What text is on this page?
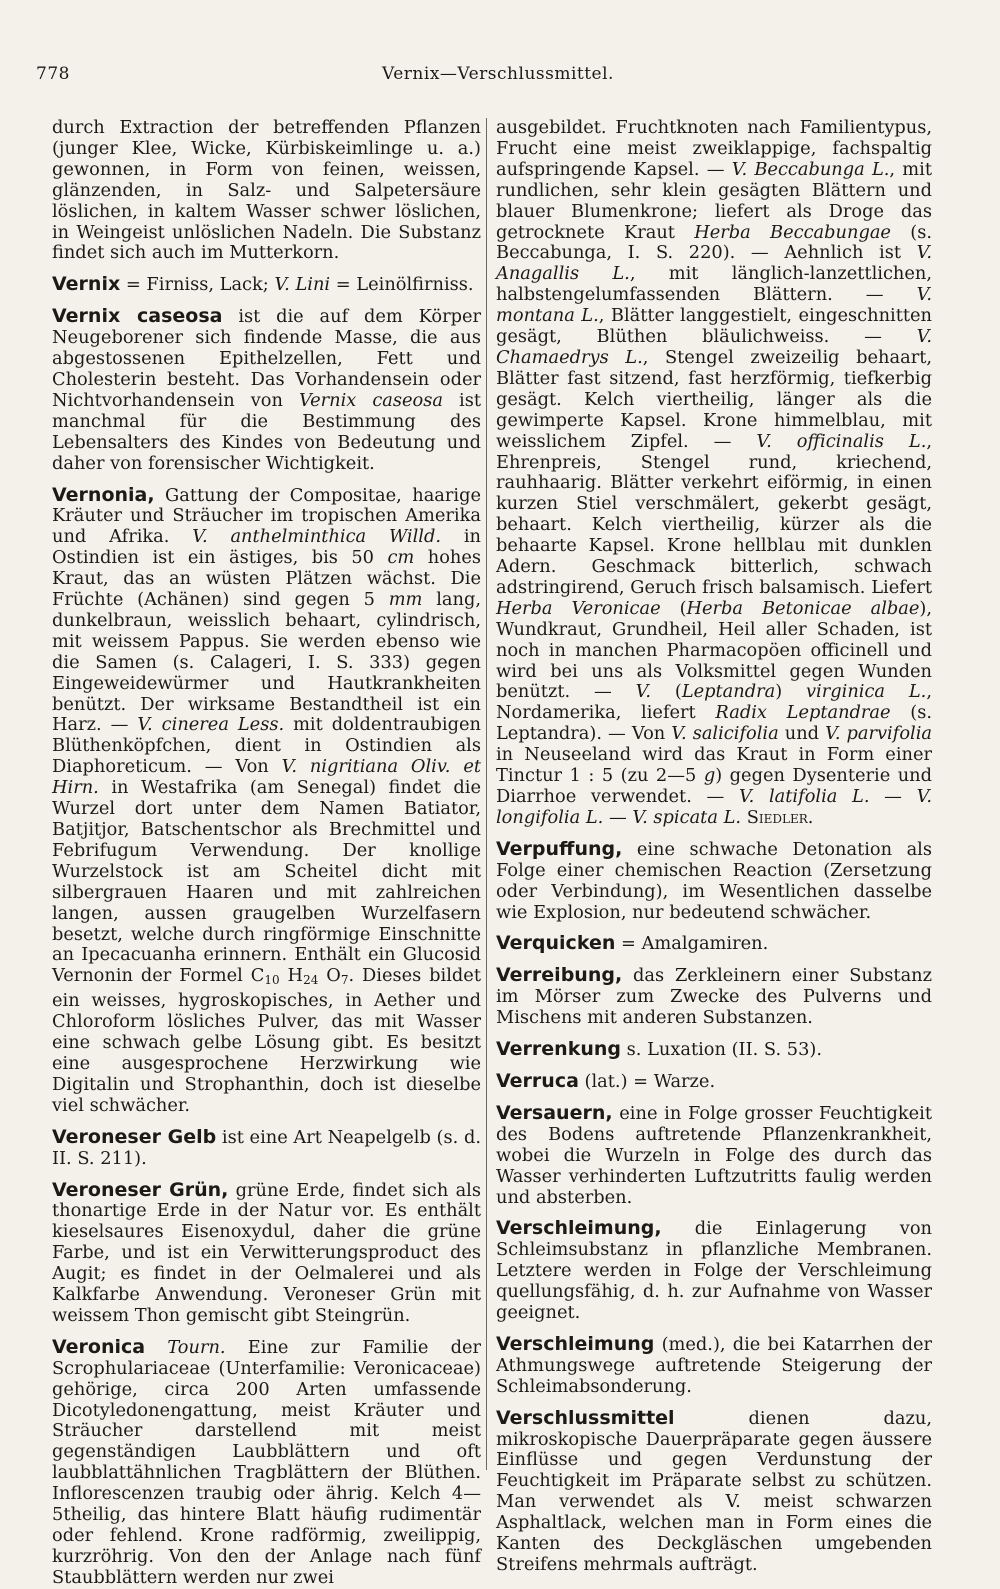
778	Vernix—Verschlussmittel.

durch Extraction der betreffenden Pflanzen (junger Klee, Wicke, Kürbiskeimlinge u. a.) gewonnen, in Form von feinen, weissen, glänzenden, in Salz- und Salpetersäure löslichen, in kaltem Wasser schwer löslichen, in Weingeist unlöslichen Nadeln. Die Substanz findet sich auch im Mutterkorn.

Vernix = Firniss, Lack; V. Lini = Leinölfirniss.

Vernix caseosa ist die auf dem Körper Neugeborener sich findende Masse, die aus abgestossenen Epithelzellen, Fett und Cholesterin besteht. Das Vorhandensein oder Nichtvorhandensein von Vernix caseosa ist manchmal für die Bestimmung des Lebensalters des Kindes von Bedeutung und daher von forensischer Wichtigkeit.

Vernonia, Gattung der Compositae, haarige Kräuter und Sträucher im tropischen Amerika und Afrika. V. anthelminthica Willd. in Ostindien ist ein ästiges, bis 50 cm hohes Kraut, das an wüsten Plätzen wächst. Die Früchte (Achänen) sind gegen 5 mm lang, dunkelbraun, weisslich behaart, cylindrisch, mit weissem Pappus. Sie werden ebenso wie die Samen (s. Calageri, I. S. 333) gegen Eingeweidewürmer und Hautkrankheiten benützt. Der wirksame Bestandtheil ist ein Harz. — V. cinerea Less. mit doldentraubigen Blüthenköpfchen, dient in Ostindien als Diaphoreticum. — Von V. nigritiana Oliv. et Hirn. in Westafrika (am Senegal) findet die Wurzel dort unter dem Namen Batiator, Batjitjor, Batschentschor als Brechmittel und Febrifugum Verwendung. Der knollige Wurzelstock ist am Scheitel dicht mit silbergrauen Haaren und mit zahlreichen langen, aussen graugelben Wurzelfasern besetzt, welche durch ringförmige Einschnitte an Ipecacuanha erinnern. Enthält ein Glucosid Vernonin der Formel $C_{10}$ $H_{24}$ $O_7$. Dieses bildet ein weisses, hygroskopisches, in Aether und Chloroform lösliches Pulver, das mit Wasser eine schwach gelbe Lösung gibt. Es besitzt eine ausgesprochene Herzwirkung wie Digitalin und Strophanthin, doch ist dieselbe viel schwächer.

Veroneser Gelb ist eine Art Neapelgelb (s. d. II. S. 211).

Veroneser Grün, grüne Erde, findet sich als thonartige Erde in der Natur vor. Es enthält kieselsaures Eisenoxydul, daher die grüne Farbe, und ist ein Verwitterungsproduct des Augit; es findet in der Oelmalerei und als Kalkfarbe Anwendung. Veroneser Grün mit weissem Thon gemischt gibt Steingrün.

Veronica Tourn. Eine zur Familie der Scrophulariaceae (Unterfamilie: Veronicaceae) gehörige, circa 200 Arten umfassende Dicotyledonengattung, meist Kräuter und Sträucher darstellend mit meist gegenständigen Laubblättern und oft laubblattähnlichen Tragblättern der Blüthen. Inflorescenzen traubig oder ährig. Kelch 4—5theilig, das hintere Blatt häufig rudimentär oder fehlend. Krone radförmig, zweilippig, kurzröhrig. Von den der Anlage nach fünf Staubblättern werden nur zwei

ausgebildet. Fruchtknoten nach Familientypus, Frucht eine meist zweiklappige, fachspaltig aufspringende Kapsel. — V. Beccabunga L., mit rundlichen, sehr klein gesägten Blättern und blauer Blumenkrone; liefert als Droge das getrocknete Kraut Herba Beccabungae (s. Beccabunga, I. S. 220). — Aehnlich ist V. Anagallis L., mit länglich-lanzettlichen, halbstengelumfassenden Blättern. — V. montana L., Blätter langgestielt, eingeschnitten gesägt, Blüthen bläulichweiss. — V. Chamaedrys L., Stengel zweizeilig behaart, Blätter fast sitzend, fast herzförmig, tiefkerbig gesägt. Kelch viertheilig, länger als die gewimperte Kapsel. Krone himmelblau, mit weisslichem Zipfel. — V. officinalis L., Ehrenpreis, Stengel rund, kriechend, rauhhaarig. Blätter verkehrt eiförmig, in einen kurzen Stiel verschmälert, gekerbt gesägt, behaart. Kelch viertheilig, kürzer als die behaarte Kapsel. Krone hellblau mit dunklen Adern. Geschmack bitterlich, schwach adstringirend, Geruch frisch balsamisch. Liefert Herba Veronicae (Herba Betonicae albae), Wundkraut, Grundheil, Heil aller Schaden, ist noch in manchen Pharmacopöen officinell und wird bei uns als Volksmittel gegen Wunden benützt. — V. (Leptandra) virginica L., Nordamerika, liefert Radix Leptandrae (s. Leptandra). — Von V. salicifolia und V. parvifolia in Neuseeland wird das Kraut in Form einer Tinctur 1 : 5 (zu 2—5 g) gegen Dysenterie und Diarrhoe verwendet. — V. latifolia L. — V. longifolia L. — V. spicata L. Siedler.

Verpuffung, eine schwache Detonation als Folge einer chemischen Reaction (Zersetzung oder Verbindung), im Wesentlichen dasselbe wie Explosion, nur bedeutend schwächer.

Verquicken = Amalgamiren.

Verreibung, das Zerkleinern einer Substanz im Mörser zum Zwecke des Pulverns und Mischens mit anderen Substanzen.

Verrenkung s. Luxation (II. S. 53).

Verruca (lat.) = Warze.

Versauern, eine in Folge grosser Feuchtigkeit des Bodens auftretende Pflanzenkrankheit, wobei die Wurzeln in Folge des durch das Wasser verhinderten Luftzutritts faulig werden und absterben.

Verschleimung, die Einlagerung von Schleimsubstanz in pflanzliche Membranen. Letztere werden in Folge der Verschleimung quellungsfähig, d. h. zur Aufnahme von Wasser geeignet.

Verschleimung (med.), die bei Katarrhen der Athmungswege auftretende Steigerung der Schleimabsonderung.

Verschlussmittel dienen dazu, mikroskopische Dauerpräparate gegen äussere Einflüsse und gegen Verdunstung der Feuchtigkeit im Präparate selbst zu schützen. Man verwendet als V. meist schwarzen Asphaltlack, welchen man in Form eines die Kanten des Deckgläschen umgebenden Streifens mehrmals aufträgt.
